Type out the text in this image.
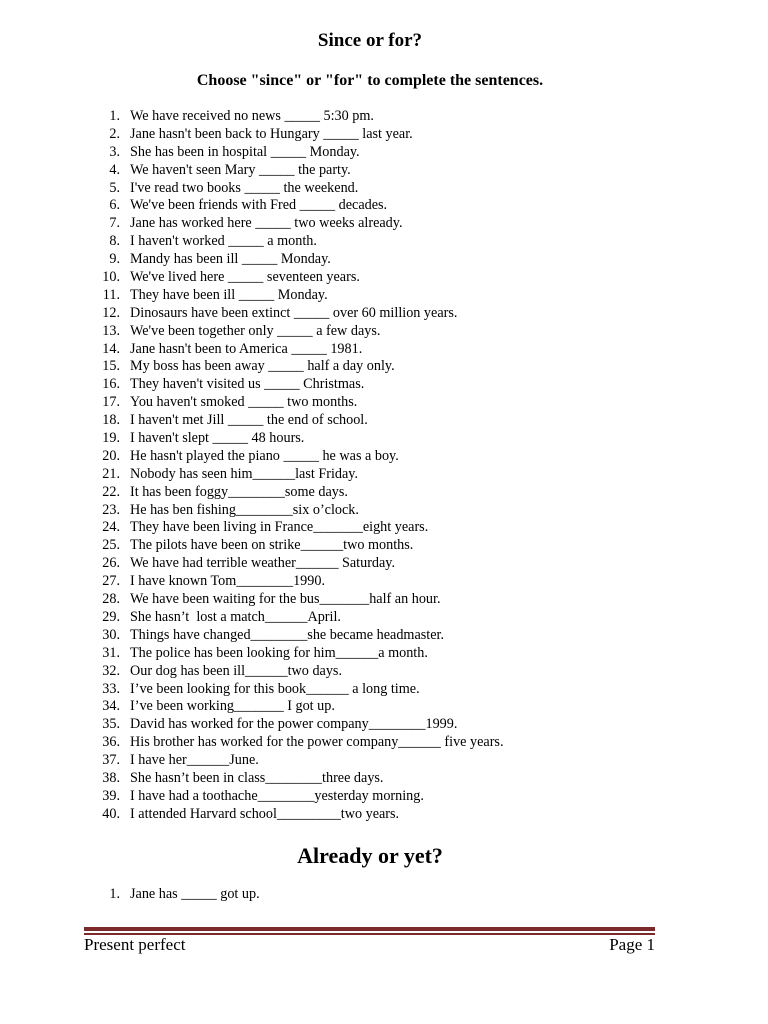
Since or for?
Choose "since" or "for" to complete the sentences.
1. We have received no news _____ 5:30 pm.
2. Jane hasn't been back to Hungary _____ last year.
3. She has been in hospital _____ Monday.
4. We haven't seen Mary _____ the party.
5. I've read two books _____ the weekend.
6. We've been friends with Fred _____ decades.
7. Jane has worked here _____ two weeks already.
8. I haven't worked _____ a month.
9. Mandy has been ill _____ Monday.
10. We've lived here _____ seventeen years.
11. They have been ill _____ Monday.
12. Dinosaurs have been extinct _____ over 60 million years.
13. We've been together only _____ a few days.
14. Jane hasn't been to America _____ 1981.
15. My boss has been away _____ half a day only.
16. They haven't visited us _____ Christmas.
17. You haven't smoked _____ two months.
18. I haven't met Jill _____ the end of school.
19. I haven't slept _____ 48 hours.
20. He hasn't played the piano _____ he was a boy.
21. Nobody has seen him______last Friday.
22. It has been foggy________some days.
23. He has ben fishing________six o’clock.
24. They have been living in France_______eight years.
25. The pilots have been on strike______two months.
26. We have had terrible weather______ Saturday.
27. I have known Tom________1990.
28. We have been waiting for the bus_______half an hour.
29. She hasn’t  lost a match______April.
30. Things have changed________she became headmaster.
31. The police has been looking for him______a month.
32. Our dog has been ill______two days.
33. I’ve been looking for this book______ a long time.
34. I’ve been working_______ I got up.
35. David has worked for the power company________1999.
36. His brother has worked for the power company______ five years.
37. I have her______June.
38. She hasn’t been in class________three days.
39. I have had a toothache________yesterday morning.
40. I attended Harvard school_________two years.
Already or yet?
1. Jane has _____ got up.

Present perfect	Page 1
